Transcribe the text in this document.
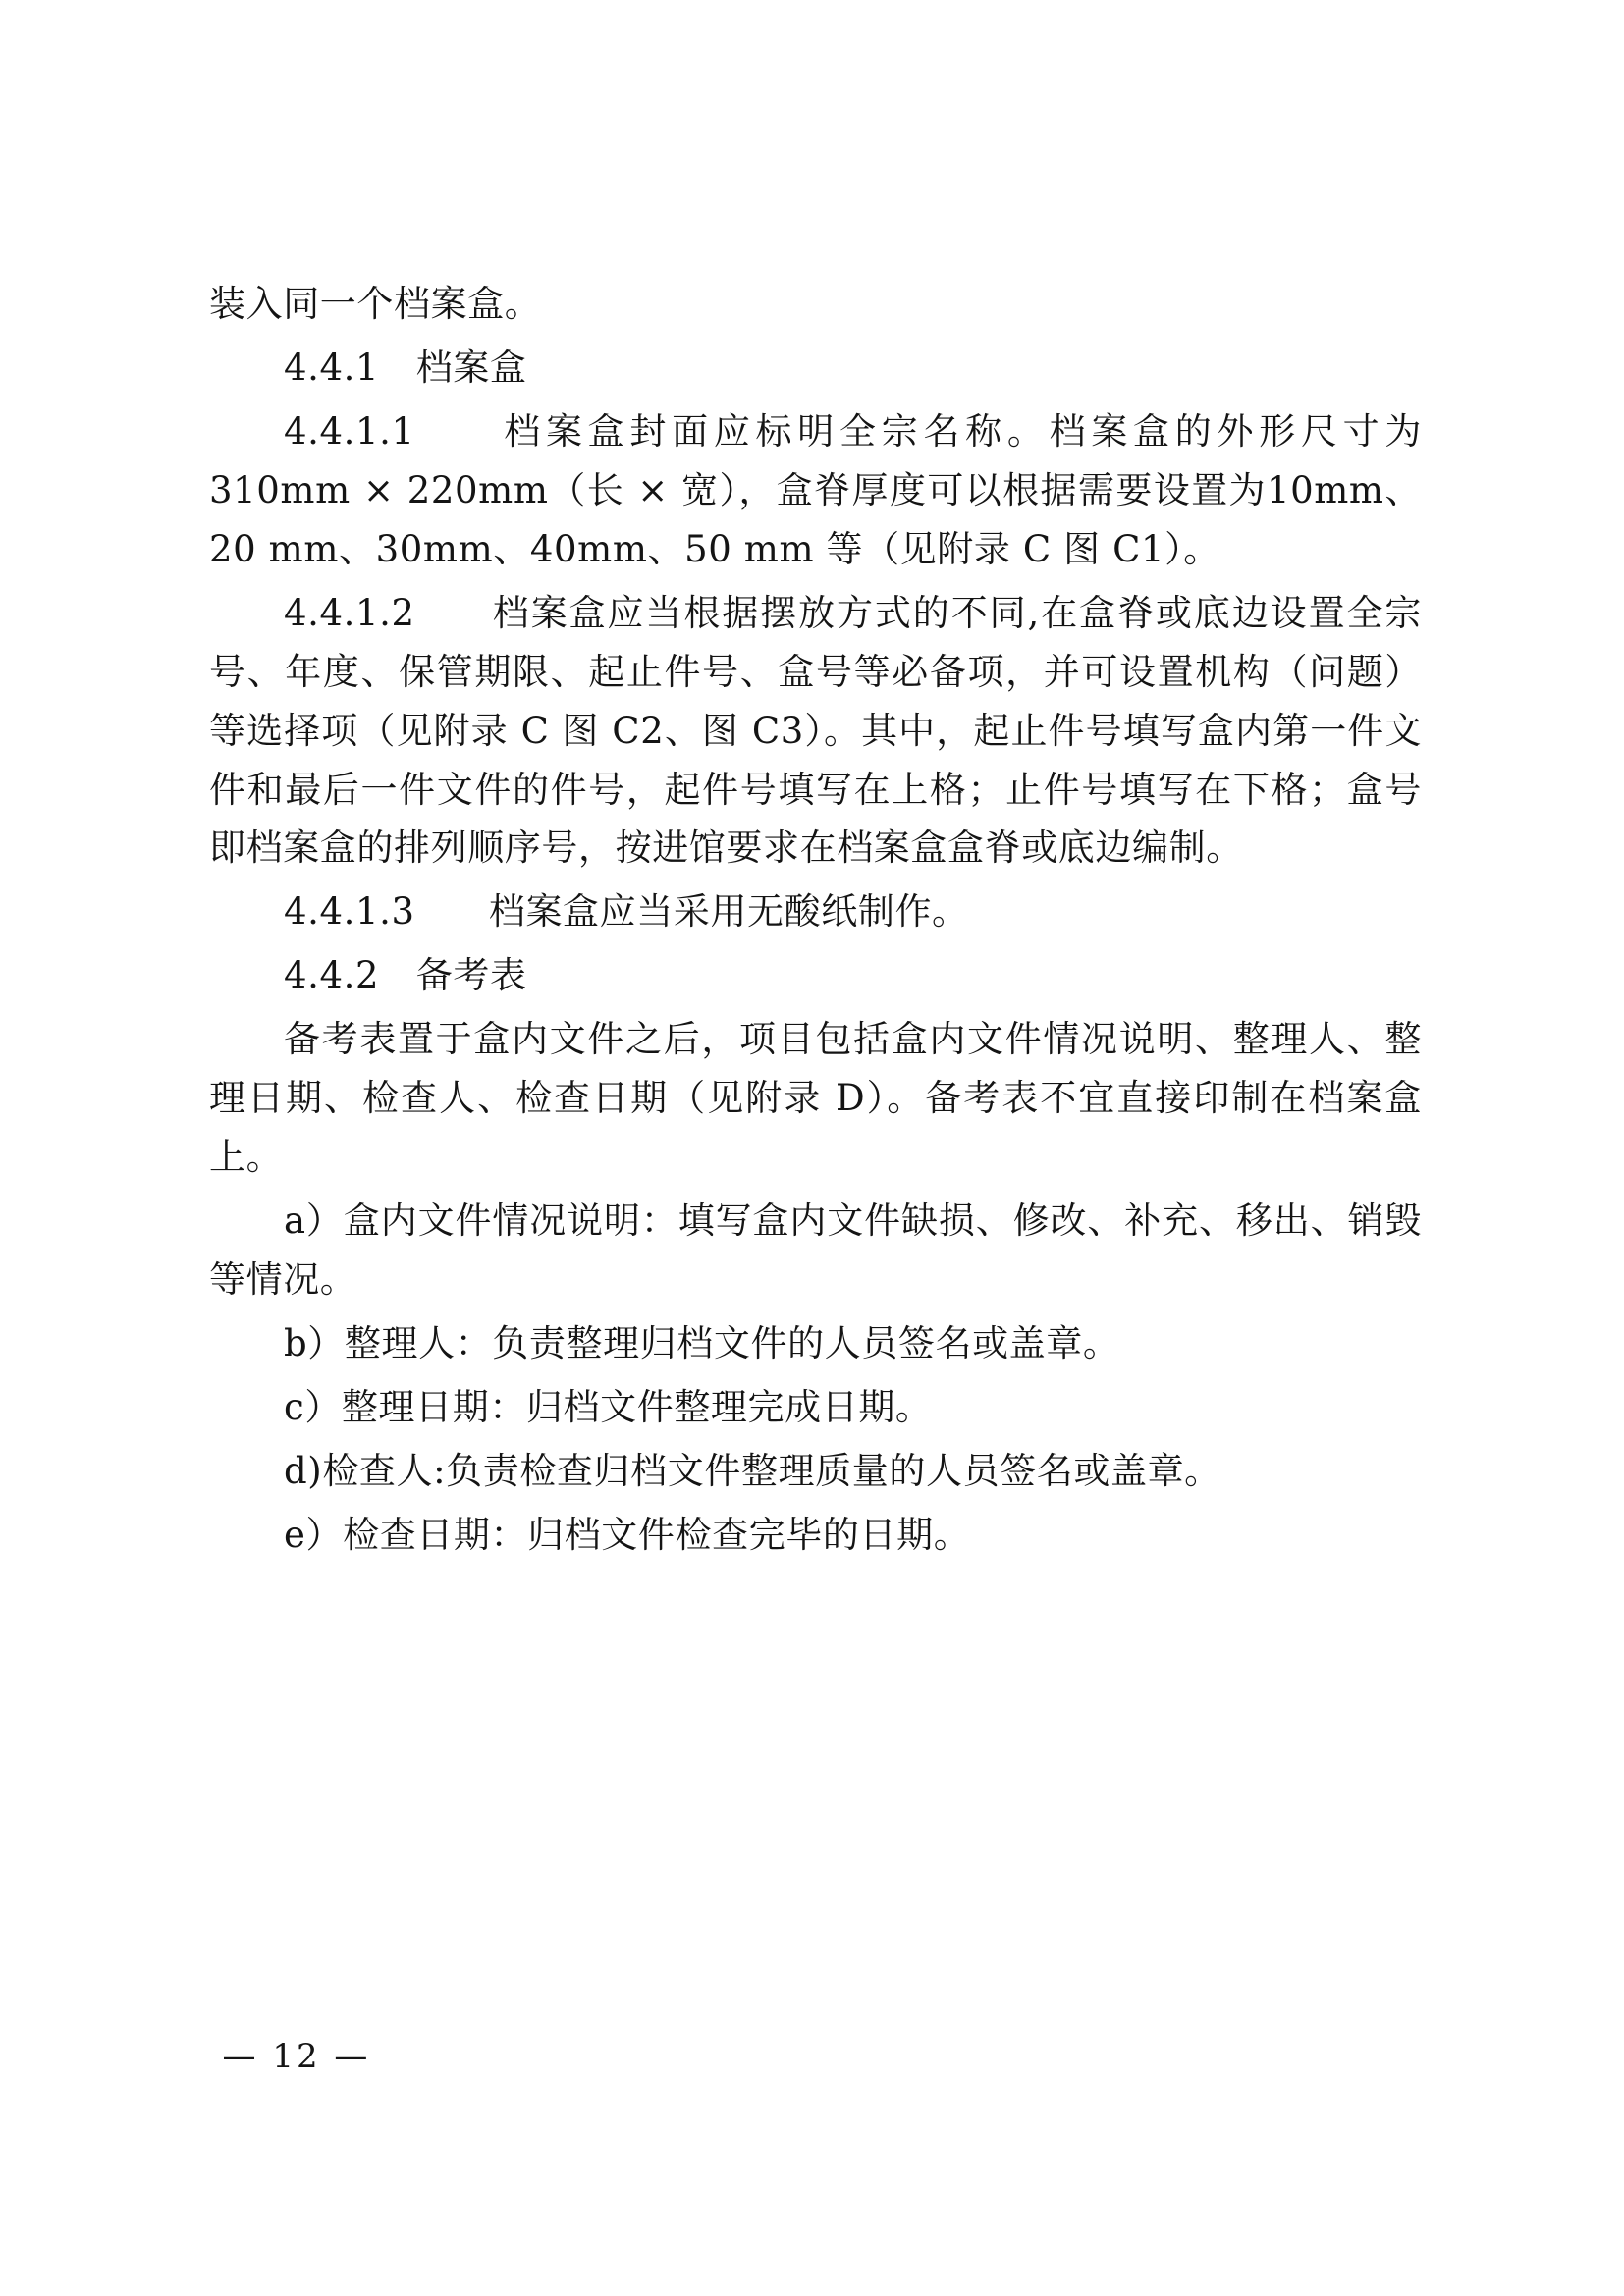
装入同一个档案盒。

4.4.1　档案盒

4.4.1.1　　档案盒封面应标明全宗名称。档案盒的外形尺寸为310mm × 220mm（长 × 宽），盒脊厚度可以根据需要设置为10mm、20 mm、30mm、40mm、50 mm 等（见附录 C 图 C1）。

4.4.1.2　　档案盒应当根据摆放方式的不同,在盒脊或底边设置全宗号、年度、保管期限、起止件号、盒号等必备项，并可设置机构（问题）等选择项（见附录 C 图 C2、图 C3）。其中，起止件号填写盒内第一件文件和最后一件文件的件号，起件号填写在上格；止件号填写在下格；盒号即档案盒的排列顺序号，按进馆要求在档案盒盒脊或底边编制。

4.4.1.3　　档案盒应当采用无酸纸制作。

4.4.2　备考表

备考表置于盒内文件之后，项目包括盒内文件情况说明、整理人、整理日期、检查人、检查日期（见附录 D）。备考表不宜直接印制在档案盒上。

a）盒内文件情况说明：填写盒内文件缺损、修改、补充、移出、销毁等情况。

b）整理人：负责整理归档文件的人员签名或盖章。

c）整理日期：归档文件整理完成日期。

d)检查人:负责检查归档文件整理质量的人员签名或盖章。

e）检查日期：归档文件检查完毕的日期。

— 12 —
